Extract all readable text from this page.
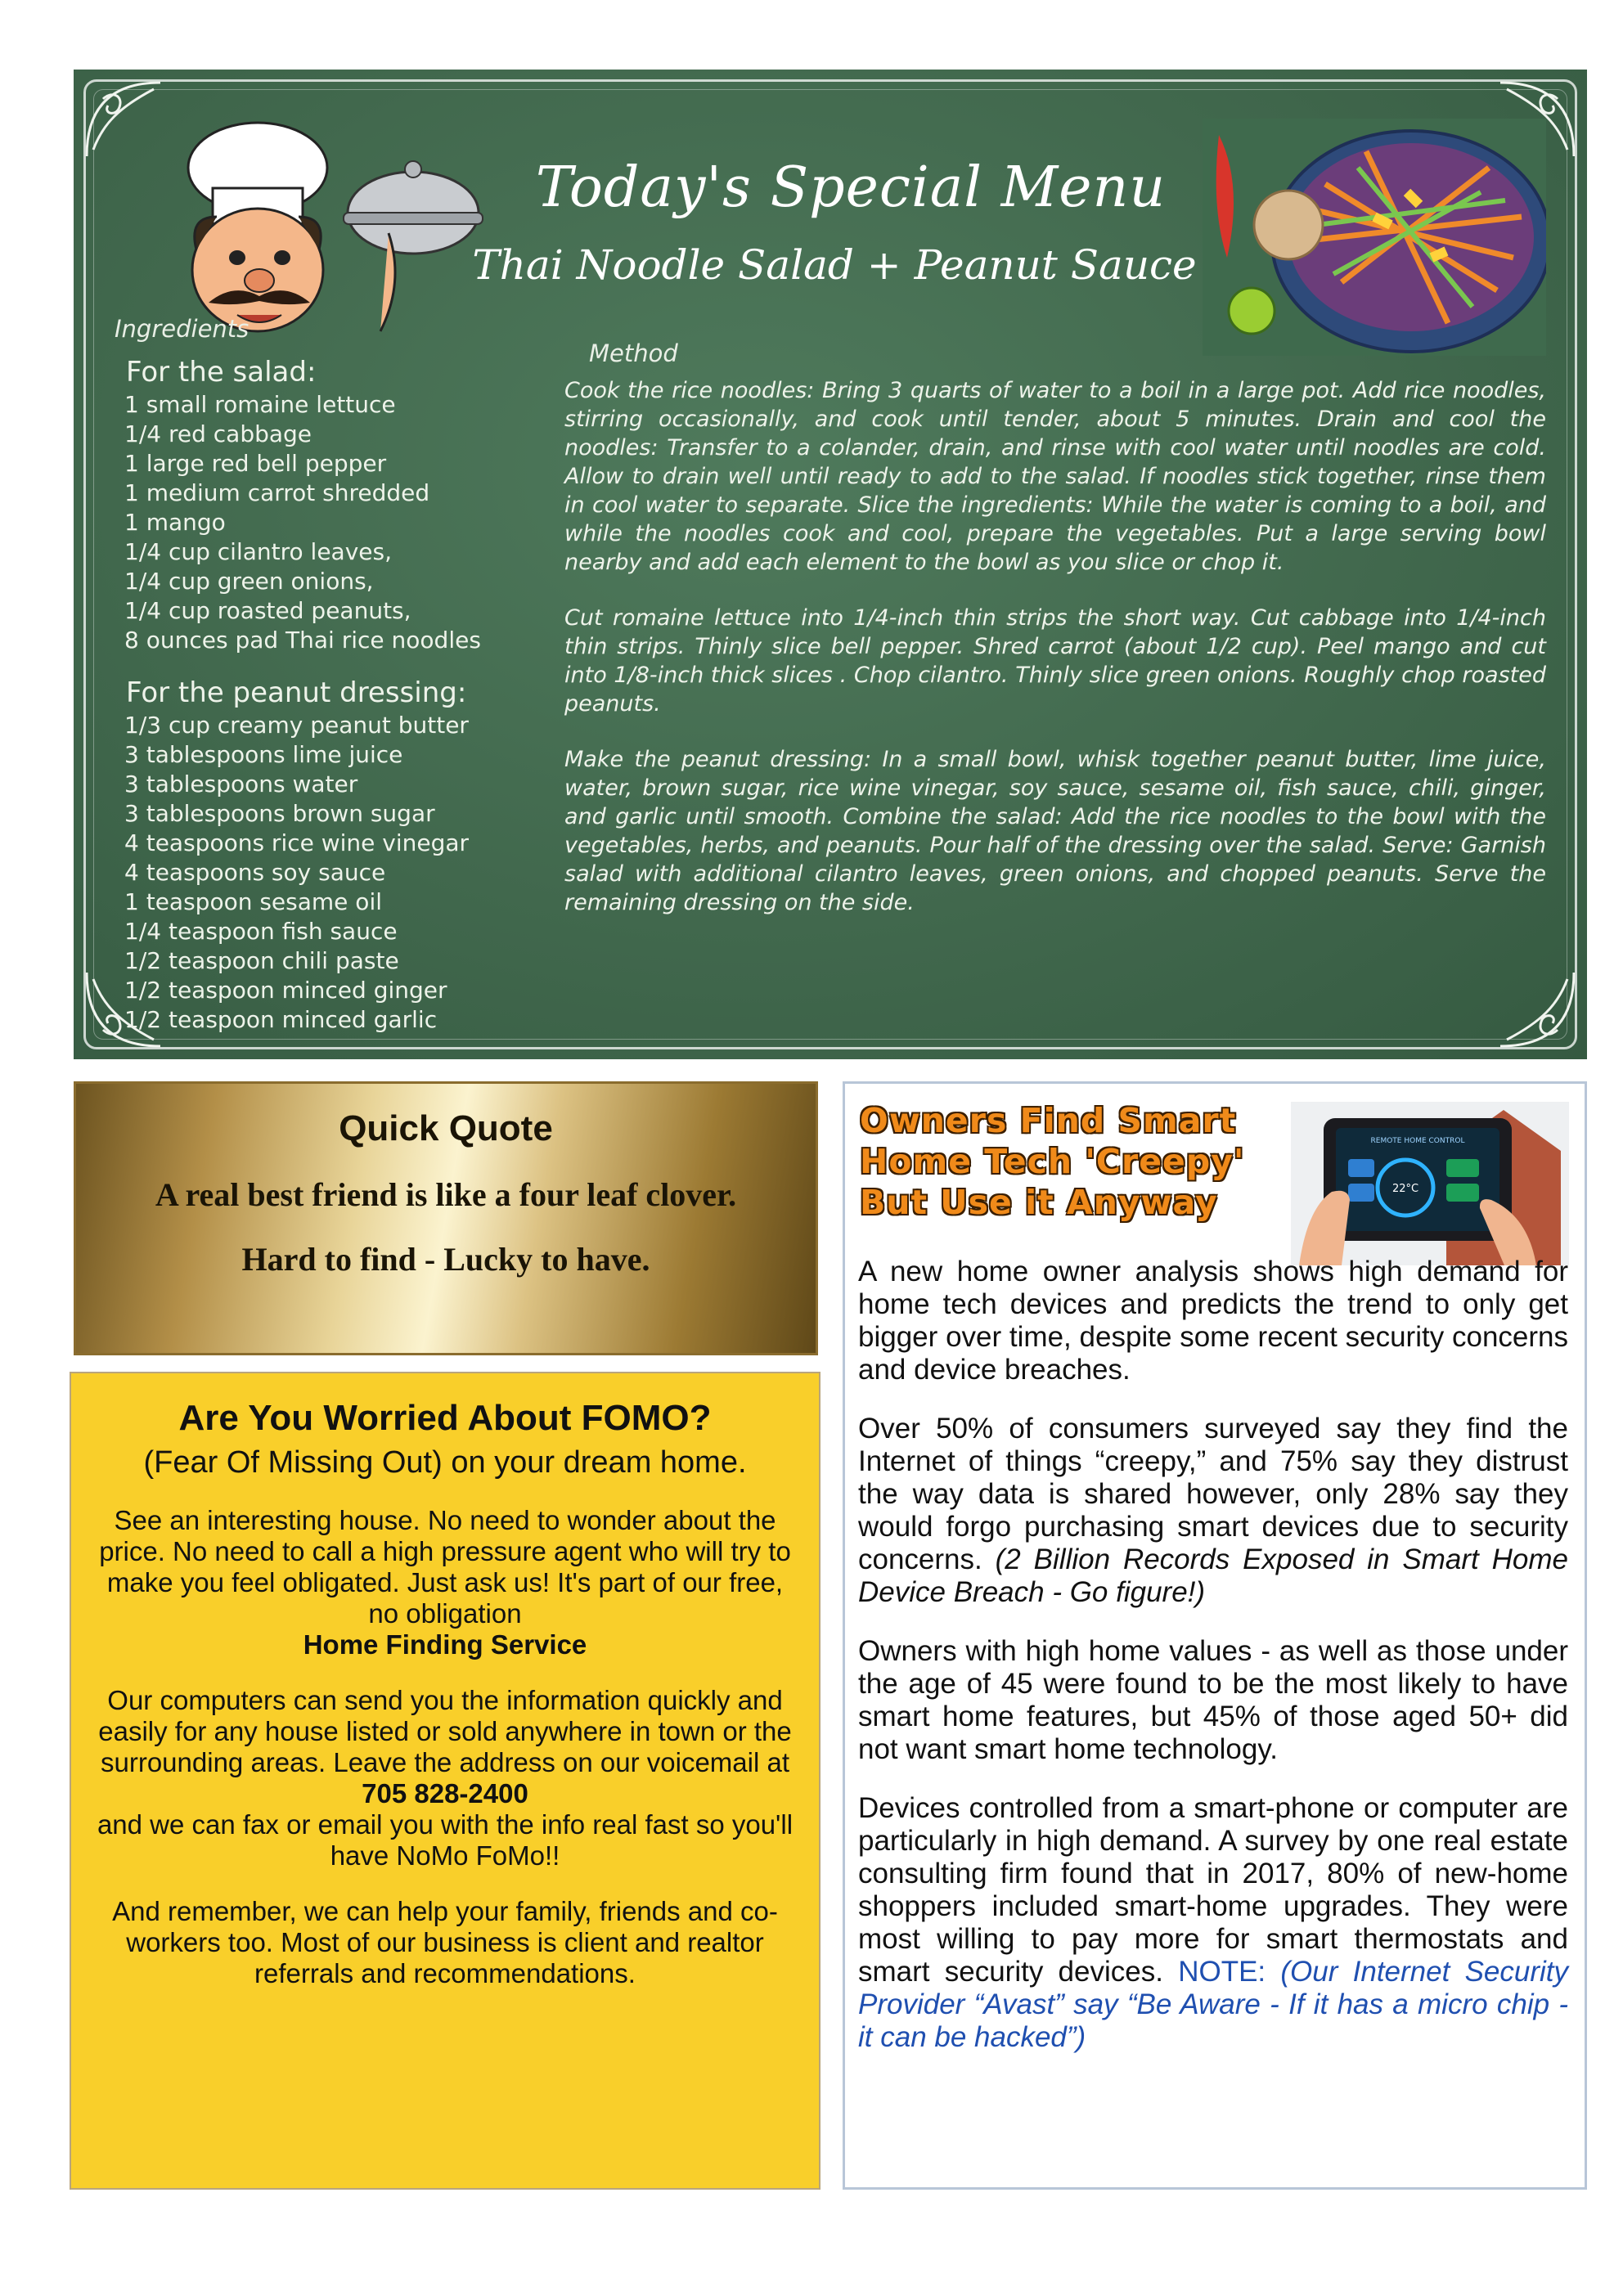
Today's Special Menu
Thai Noodle Salad + Peanut Sauce
Ingredients
For the salad:
1 small romaine lettuce
1/4 red cabbage
1 large red bell pepper
1 medium carrot shredded
1 mango
1/4 cup cilantro leaves,
1/4 cup green onions,
1/4 cup roasted peanuts,
8 ounces pad Thai rice noodles
For the peanut dressing:
1/3 cup creamy peanut butter
3 tablespoons lime juice
3 tablespoons water
3 tablespoons brown sugar
4 teaspoons rice wine vinegar
4 teaspoons soy sauce
1 teaspoon sesame oil
1/4 teaspoon fish sauce
1/2 teaspoon chili paste
1/2 teaspoon minced ginger
1/2 teaspoon minced garlic
Method

Cook the rice noodles: Bring 3 quarts of water to a boil in a large pot. Add rice noodles, stirring occasionally, and cook until tender, about 5 minutes. Drain and cool the noodles: Transfer to a colander, drain, and rinse with cool water until noodles are cold. Allow to drain well until ready to add to the salad. If noodles stick together, rinse them in cool water to separate. Slice the ingredients: While the water is coming to a boil, and while the noodles cook and cool, prepare the vegetables. Put a large serving bowl nearby and add each element to the bowl as you slice or chop it.

Cut romaine lettuce into 1/4-inch thin strips the short way. Cut cabbage into 1/4-inch thin strips. Thinly slice bell pepper. Shred carrot (about 1/2 cup). Peel mango and cut into 1/8-inch thick slices . Chop cilantro. Thinly slice green onions. Roughly chop roasted peanuts.

Make the peanut dressing: In a small bowl, whisk together peanut butter, lime juice, water, brown sugar, rice wine vinegar, soy sauce, sesame oil, fish sauce, chili, ginger, and garlic until smooth. Combine the salad: Add the rice noodles to the bowl with the vegetables, herbs, and peanuts. Pour half of the dressing over the salad. Serve: Garnish salad with additional cilantro leaves, green onions, and chopped peanuts. Serve the remaining dressing on the side.

Quick Quote
A real best friend is like a four leaf clover.
Hard to find - Lucky to have.
Are You Worried About FOMO?
(Fear Of Missing Out) on your dream home.
See an interesting house. No need to wonder about the price. No need to call a high pressure agent who will try to make you feel obligated. Just ask us! It's part of our free, no obligation
Home Finding Service
Our computers can send you the information quickly and easily for any house listed or sold anywhere in town or the surrounding areas. Leave the address on our voicemail at
705 828-2400
and we can fax or email you with the info real fast so you'll have NoMo FoMo!!
And remember, we can help your family, friends and co-workers too. Most of our business is client and realtor referrals and recommendations.
Owners Find Smart Home Tech 'Creepy' But Use it Anyway
REMOTE HOME CONTROL
22°C

A new home owner analysis shows high demand for home tech devices and predicts the trend to only get bigger over time, despite some recent security concerns and device breaches.

Over 50% of consumers surveyed say they find the Internet of things “creepy,” and 75% say they distrust the way data is shared however, only 28% say they would forgo purchasing smart devices due to security concerns. (2 Billion Records Exposed in Smart Home Device Breach - Go figure!)

Owners with high home values - as well as those under the age of 45 were found to be the most likely to have smart home features, but 45% of those aged 50+ did not want smart home technology.

Devices controlled from a smart-phone or computer are particularly in high demand. A survey by one real estate consulting firm found that in 2017, 80% of new-home shoppers included smart-home upgrades. They were most willing to pay more for smart thermostats and smart security devices. NOTE: (Our Internet Security Provider “Avast” say “Be Aware - If it has a micro chip - it can be hacked”)
